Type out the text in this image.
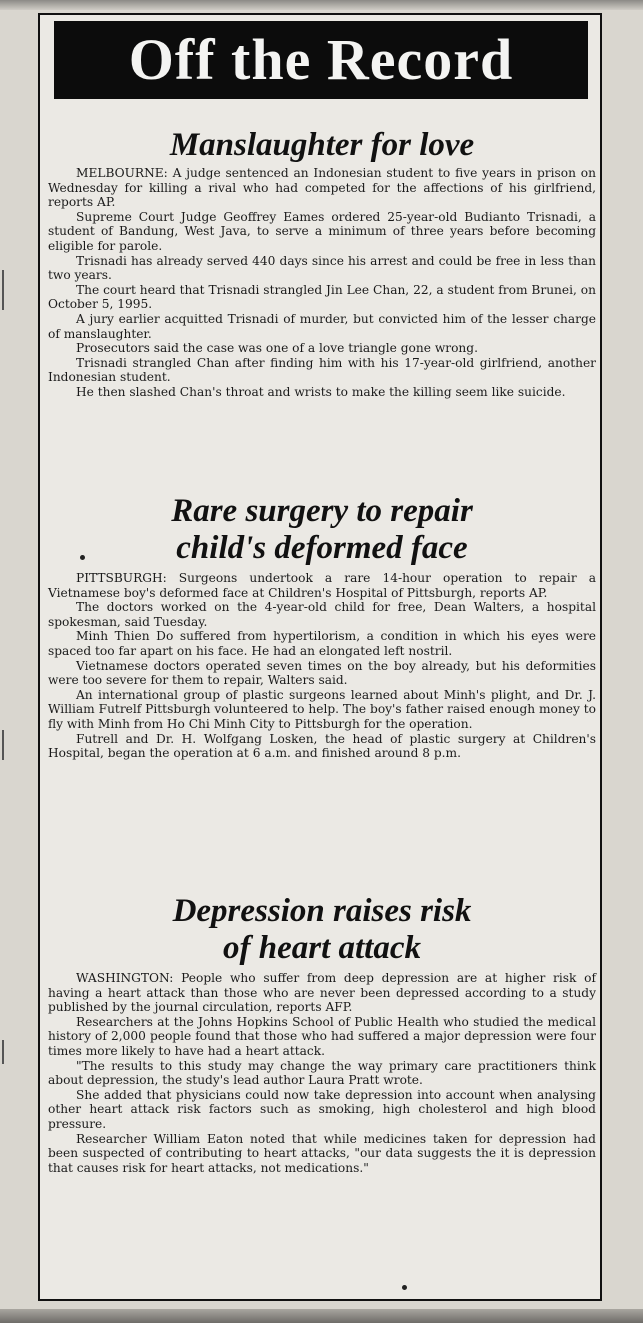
Off the Record
Manslaughter for love

MELBOURNE: A judge sentenced an Indonesian student to five years in prison on Wednesday for killing a rival who had competed for the affections of his girlfriend, reports AP.

Supreme Court Judge Geoffrey Eames ordered 25-year-old Budianto Trisnadi, a student of Bandung, West Java, to serve a minimum of three years before becoming eligible for parole.

Trisnadi has already served 440 days since his arrest and could be free in less than two years.

The court heard that Trisnadi strangled Jin Lee Chan, 22, a student from Brunei, on October 5, 1995.

A jury earlier acquitted Trisnadi of murder, but convicted him of the lesser charge of manslaughter.

Prosecutors said the case was one of a love triangle gone wrong.

Trisnadi strangled Chan after finding him with his 17-year-old girlfriend, another Indonesian student.

He then slashed Chan's throat and wrists to make the killing seem like suicide.

Rare surgery to repair
child's deformed face

PITTSBURGH: Surgeons undertook a rare 14-hour operation to repair a Vietnamese boy's deformed face at Children's Hospital of Pittsburgh, reports AP.

The doctors worked on the 4-year-old child for free, Dean Walters, a hospital spokesman, said Tuesday.

Minh Thien Do suffered from hypertilorism, a condition in which his eyes were spaced too far apart on his face. He had an elongated left nostril.

Vietnamese doctors operated seven times on the boy already, but his deformities were too severe for them to repair, Walters said.

An international group of plastic surgeons learned about Minh's plight, and Dr. J. William Futrelf Pittsburgh volunteered to help. The boy's father raised enough money to fly with Minh from Ho Chi Minh City to Pittsburgh for the operation.

Futrell and Dr. H. Wolfgang Losken, the head of plastic surgery at Children's Hospital, began the operation at 6 a.m. and finished around 8 p.m.

Depression raises risk
of heart attack

WASHINGTON: People who suffer from deep depression are at higher risk of having a heart attack than those who are never been depressed according to a study published by the journal circulation, reports AFP.

Researchers at the Johns Hopkins School of Public Health who studied the medical history of 2,000 people found that those who had suffered a major depression were four times more likely to have had a heart attack.

"The results to this study may change the way primary care practitioners think about depression, the study's lead author Laura Pratt wrote.

She added that physicians could now take depression into account when analysing other heart attack risk factors such as smoking, high cholesterol and high blood pressure.

Researcher William Eaton noted that while medicines taken for depression had been suspected of contributing to heart attacks, "our data suggests the it is depression that causes risk for heart attacks, not medications."
